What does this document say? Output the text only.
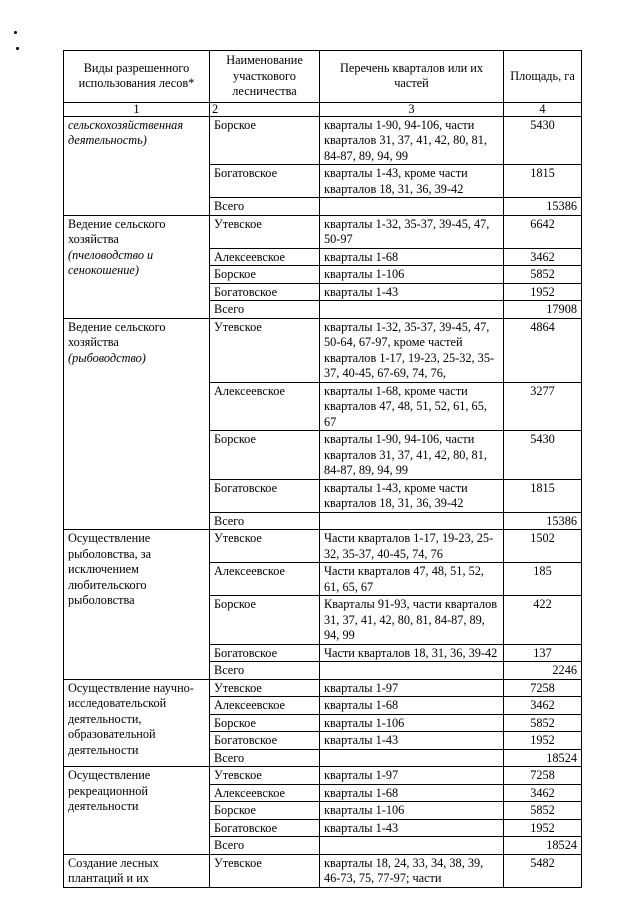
Виды разрешенного использования лесов*	Наименование участкового лесничества	Перечень кварталов или их частей	Площадь, га
1	2	3	4

сельскохозяйственная деятельность)	Борское	кварталы 1-90, 94-106, части кварталов 31, 37, 41, 42, 80, 81, 84-87, 89, 94, 99	5430
	Богатовское	кварталы 1-43, кроме части кварталов 18, 31, 36, 39-42	1815
	Всего		15386

Ведение сельского хозяйства
(пчеловодство и сенокошение)	Утевское	кварталы 1-32, 35-37, 39-45, 47, 50-97	6642
	Алексеевское	кварталы 1-68	3462
	Борское	кварталы 1-106	5852
	Богатовское	кварталы 1-43	1952
	Всего		17908

Ведение сельского хозяйства
(рыбоводство)	Утевское	кварталы 1-32, 35-37, 39-45, 47, 50-64, 67-97, кроме частей кварталов 1-17, 19-23, 25-32, 35-37, 40-45, 67-69, 74, 76,	4864
	Алексеевское	кварталы 1-68, кроме части кварталов 47, 48, 51, 52, 61, 65, 67	3277
	Борское	кварталы 1-90, 94-106, части кварталов 31, 37, 41, 42, 80, 81, 84-87, 89, 94, 99	5430
	Богатовское	кварталы 1-43, кроме части кварталов 18, 31, 36, 39-42	1815
	Всего		15386

Осуществление рыболовства, за исключением любительского рыболовства	Утевское	Части кварталов 1-17, 19-23, 25-32, 35-37, 40-45, 74, 76	1502
	Алексеевское	Части кварталов 47, 48, 51, 52, 61, 65, 67	185
	Борское	Кварталы 91-93, части кварталов 31, 37, 41, 42, 80, 81, 84-87, 89, 94, 99	422
	Богатовское	Части кварталов 18, 31, 36, 39-42	137
	Всего		2246

Осуществление научно-исследовательской деятельности, образовательной деятельности	Утевское	кварталы 1-97	7258
	Алексеевское	кварталы 1-68	3462
	Борское	кварталы 1-106	5852
	Богатовское	кварталы 1-43	1952
	Всего		18524

Осуществление рекреационной деятельности	Утевское	кварталы 1-97	7258
	Алексеевское	кварталы 1-68	3462
	Борское	кварталы 1-106	5852
	Богатовское	кварталы 1-43	1952
	Всего		18524

Создание лесных плантаций и их	Утевское	кварталы 18, 24, 33, 34, 38, 39, 46-73, 75, 77-97; части	5482
